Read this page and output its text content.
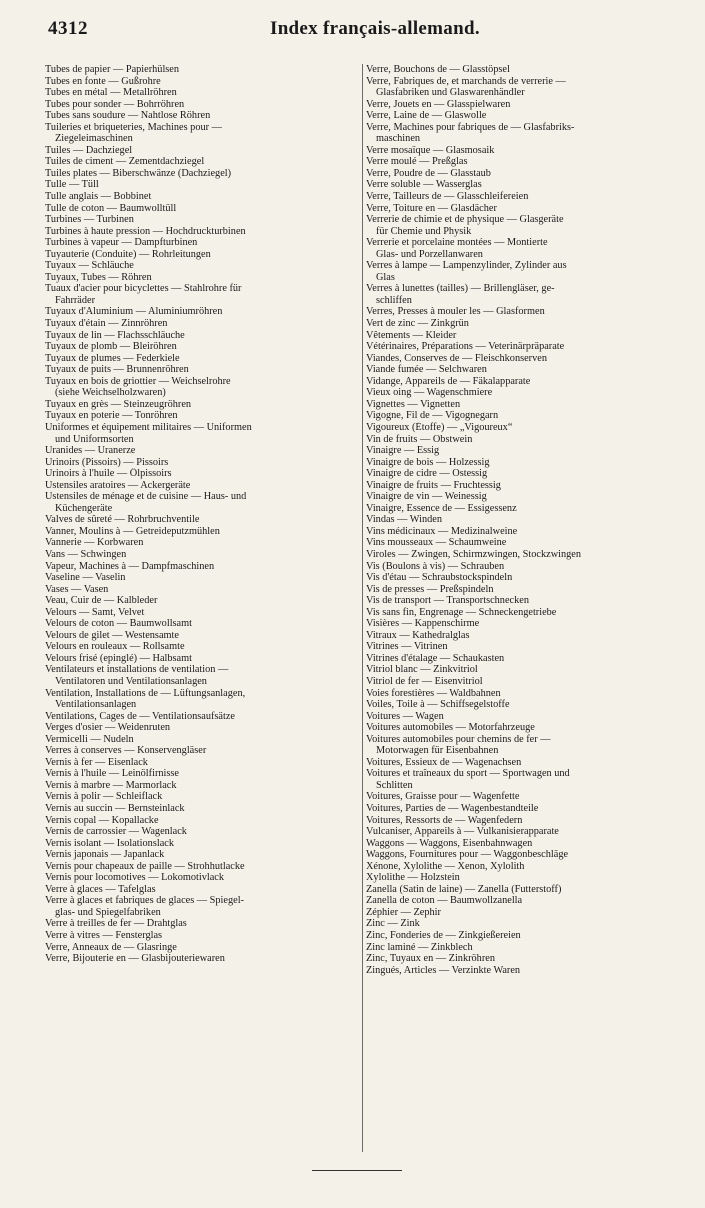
4312	Index français-allemand.

Tubes de papier — Papierhülsen

Tubes en fonte — Gußrohre

Tubes en métal — Metallröhren

Tubes pour sonder — Bohrröhren

Tubes sans soudure — Nahtlose Röhren

Tuileries et briqueteries, Machines pour —

Ziegeleimaschinen

Tuiles — Dachziegel

Tuiles de ciment — Zementdachziegel

Tuiles plates — Biberschwänze (Dachziegel)

Tulle — Tüll

Tulle anglais — Bobbinet

Tulle de coton — Baumwolltüll

Turbines — Turbinen

Turbines à haute pression — Hochdruckturbinen

Turbines à vapeur — Dampfturbinen

Tuyauterie (Conduite) — Rohrleitungen

Tuyaux — Schläuche

Tuyaux, Tubes — Röhren

Tuaux d'acier pour bicyclettes — Stahlrohre für

Fahrräder

Tuyaux d'Aluminium — Aluminiumröhren

Tuyaux d'étain — Zinnröhren

Tuyaux de lin — Flachsschläuche

Tuyaux de plomb — Bleiröhren

Tuyaux de plumes — Federkiele

Tuyaux de puits — Brunnenröhren

Tuyaux en bois de griottier — Weichselrohre

(siehe Weichselholzwaren)

Tuyaux en grès — Steinzeugröhren

Tuyaux en poterie — Tonröhren

Uniformes et équipement militaires — Uniformen

und Uniformsorten

Uranides — Uranerze

Urinoirs (Pissoirs) — Pissoirs

Urinoirs à l'huile — Ölpissoirs

Ustensiles aratoires — Ackergeräte

Ustensiles de ménage et de cuisine — Haus- und

Küchengeräte

Valves de sûreté — Rohrbruchventile

Vanner, Moulins à — Getreideputzmühlen

Vannerie — Korbwaren

Vans — Schwingen

Vapeur, Machines à — Dampfmaschinen

Vaseline — Vaselin

Vases — Vasen

Veau, Cuir de — Kalbleder

Velours — Samt, Velvet

Velours de coton — Baumwollsamt

Velours de gilet — Westensamte

Velours en rouleaux — Rollsamte

Velours frisé (epinglé) — Halbsamt

Ventilateurs et installations de ventilation —

Ventilatoren und Ventilationsanlagen

Ventilation, Installations de — Lüftungsanlagen,

Ventilationsanlagen

Ventilations, Cages de — Ventilationsaufsätze

Verges d'osier — Weidenruten

Vermicelli — Nudeln

Verres à conserves — Konservengläser

Vernis à fer — Eisenlack

Vernis à l'huile — Leinölfirnisse

Vernis à marbre — Marmorlack

Vernis à polir — Schleiflack

Vernis au succin — Bernsteinlack

Vernis copal — Kopallacke

Vernis de carrossier — Wagenlack

Vernis isolant — Isolationslack

Vernis japonais — Japanlack

Vernis pour chapeaux de paille — Strohhutlacke

Vernis pour locomotives — Lokomotivlack

Verre à glaces — Tafelglas

Verre à glaces et fabriques de glaces — Spiegel-

glas- und Spiegelfabriken

Verre à treilles de fer — Drahtglas

Verre à vitres — Fensterglas

Verre, Anneaux de — Glasringe

Verre, Bijouterie en — Glasbijouteriewaren

Verre, Bouchons de — Glasstöpsel

Verre, Fabriques de, et marchands de verrerie —

Glasfabriken und Glaswarenhändler

Verre, Jouets en — Glasspielwaren

Verre, Laine de — Glaswolle

Verre, Machines pour fabriques de — Glasfabriks-

maschinen

Verre mosaïque — Glasmosaik

Verre moulé — Preßglas

Verre, Poudre de — Glasstaub

Verre soluble — Wasserglas

Verre, Tailleurs de — Glasschleifereien

Verre, Toiture en — Glasdächer

Verrerie de chimie et de physique — Glasgeräte

für Chemie und Physik

Verrerie et porcelaine montées — Montierte

Glas- und Porzellanwaren

Verres à lampe — Lampenzylinder, Zylinder aus

Glas

Verres à lunettes (tailles) — Brillengläser, ge-

schliffen

Verres, Presses à mouler les — Glasformen

Vert de zinc — Zinkgrün

Vêtements — Kleider

Vétérinaires, Préparations — Veterinärpräparate

Viandes, Conserves de — Fleischkonserven

Viande fumée — Selchwaren

Vidange, Appareils de — Fäkalapparate

Vieux oing — Wagenschmiere

Vignettes — Vignetten

Vigogne, Fil de — Vigognegarn

Vigoureux (Étoffe) — „Vigoureux“

Vin de fruits — Obstwein

Vinaigre — Essig

Vinaigre de bois — Holzessig

Vinaigre de cidre — Ostessig

Vinaigre de fruits — Fruchtessig

Vinaigre de vin — Weinessig

Vinaigre, Essence de — Essigessenz

Vindas — Winden

Vins médicinaux — Medizinalweine

Vins mousseaux — Schaumweine

Viroles — Zwingen, Schirmzwingen, Stockzwingen

Vis (Boulons à vis) — Schrauben

Vis d'étau — Schraubstockspindeln

Vis de presses — Preßspindeln

Vis de transport — Transportschnecken

Vis sans fin, Engrenage — Schneckengetriebe

Visières — Kappenschirme

Vitraux — Kathedralglas

Vitrines — Vitrinen

Vitrines d'étalage — Schaukasten

Vitriol blanc — Zinkvitriol

Vitriol de fer — Eisenvitriol

Voies forestières — Waldbahnen

Voiles, Toile à — Schiffsegelstoffe

Voitures — Wagen

Voitures automobiles — Motorfahrzeuge

Voitures automobiles pour chemins de fer —

Motorwagen für Eisenbahnen

Voitures, Essieux de — Wagenachsen

Voitures et traîneaux du sport — Sportwagen und

Schlitten

Voitures, Graisse pour — Wagenfette

Voitures, Parties de — Wagenbestandteile

Voitures, Ressorts de — Wagenfedern

Vulcaniser, Appareils à — Vulkanisierapparate

Waggons — Waggons, Eisenbahnwagen

Waggons, Fournitures pour — Waggonbeschläge

Xénone, Xylolithe — Xenon, Xylolith

Xylolithe — Holzstein

Zanella (Satin de laine) — Zanella (Futterstoff)

Zanella de coton — Baumwollzanella

Zéphier — Zephir

Zinc — Zink

Zinc, Fonderies de — Zinkgießereien

Zinc laminé — Zinkblech

Zinc, Tuyaux en — Zinkröhren

Zingués, Articles — Verzinkte Waren
